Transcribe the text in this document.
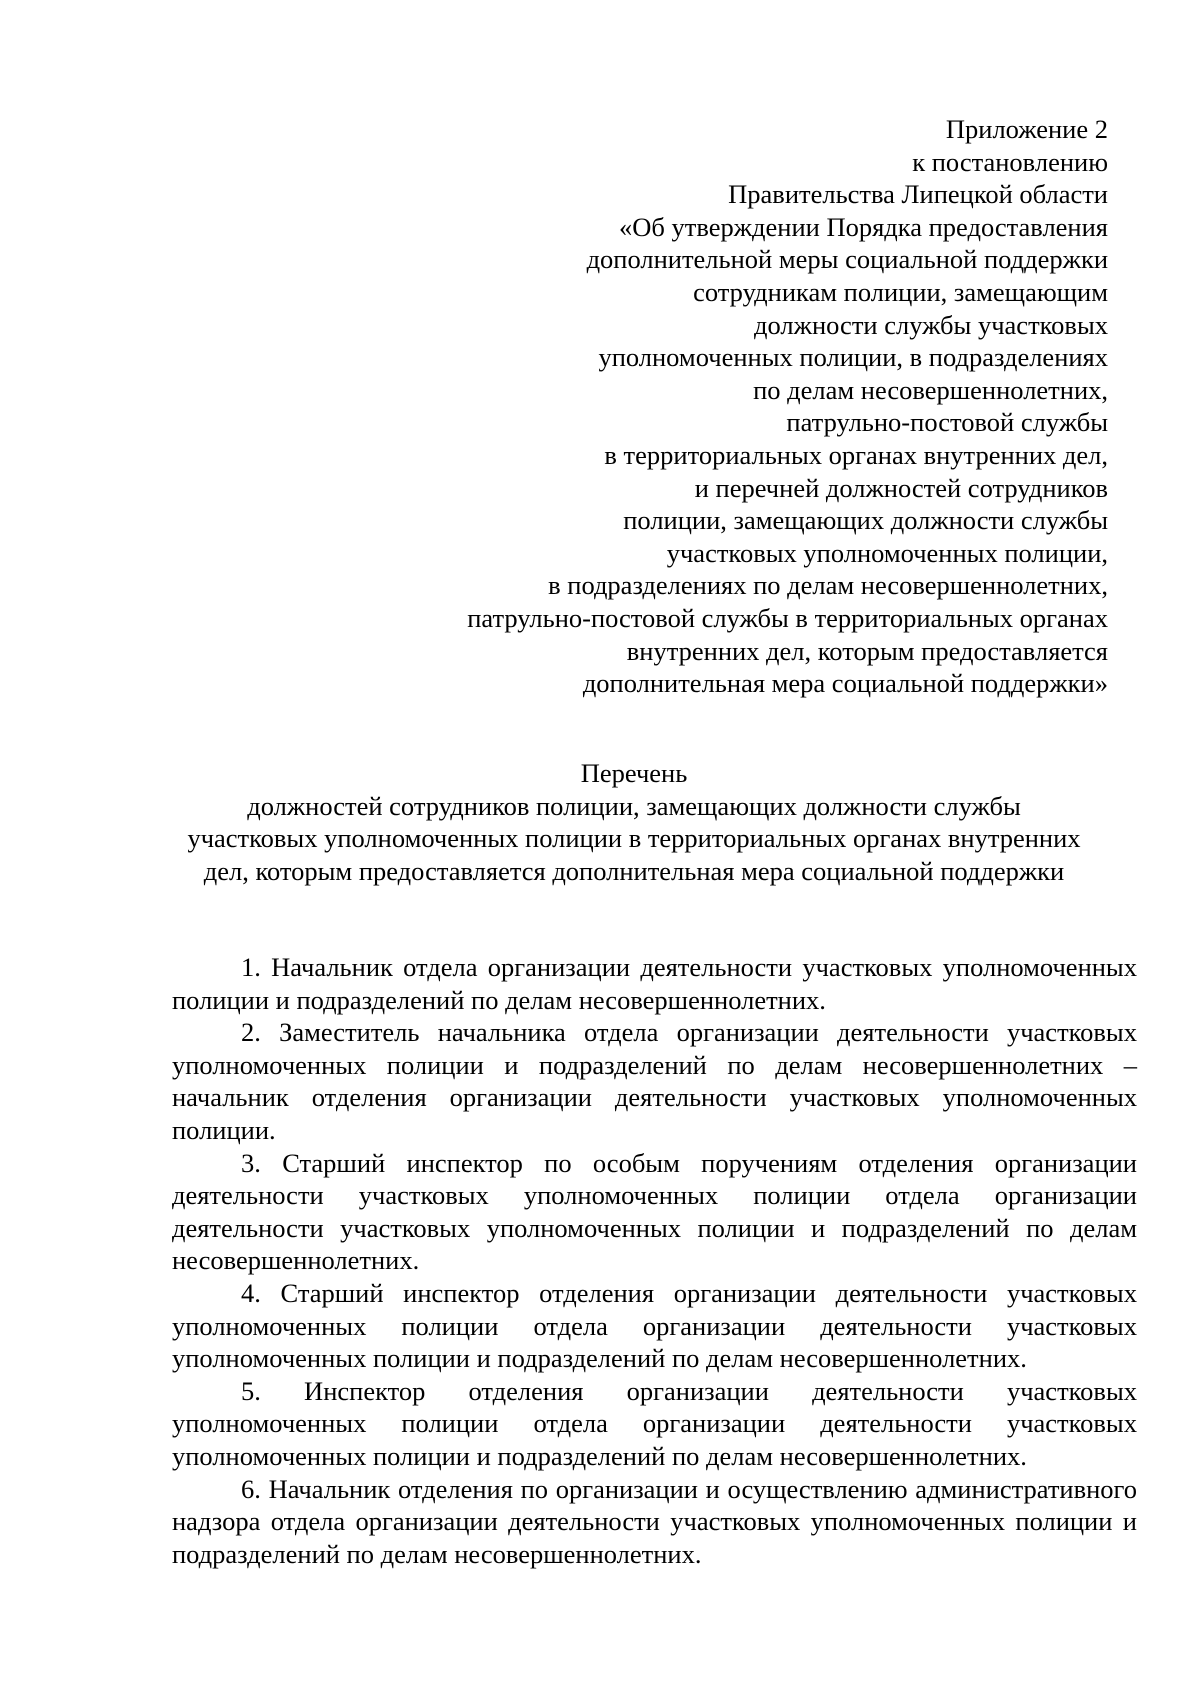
Приложение 2
к постановлению
Правительства Липецкой области
«Об утверждении Порядка предоставления
дополнительной меры социальной поддержки
сотрудникам полиции, замещающим
должности службы участковых
уполномоченных полиции, в подразделениях
по делам несовершеннолетних,
патрульно-постовой службы
в территориальных органах внутренних дел,
и перечней должностей сотрудников
полиции, замещающих должности службы
участковых уполномоченных полиции,
в подразделениях по делам несовершеннолетних,
патрульно-постовой службы в территориальных органах
внутренних дел, которым предоставляется
дополнительная мера социальной поддержки»
Перечень
должностей сотрудников полиции, замещающих должности службы
участковых уполномоченных полиции в территориальных органах внутренних
дел, которым предоставляется дополнительная мера социальной поддержки

1. Начальник отдела организации деятельности участковых уполномоченных полиции и подразделений по делам несовершеннолетних.

2. Заместитель начальника отдела организации деятельности участковых уполномоченных полиции и подразделений по делам несовершеннолетних – начальник отделения организации деятельности участковых уполномоченных полиции.

3. Старший инспектор по особым поручениям отделения организации деятельности участковых уполномоченных полиции отдела организации деятельности участковых уполномоченных полиции и подразделений по делам несовершеннолетних.

4. Старший инспектор отделения организации деятельности участковых уполномоченных полиции отдела организации деятельности участковых уполномоченных полиции и подразделений по делам несовершеннолетних.

5. Инспектор отделения организации деятельности участковых уполномоченных полиции отдела организации деятельности участковых уполномоченных полиции и подразделений по делам несовершеннолетних.

6. Начальник отделения по организации и осуществлению административного надзора отдела организации деятельности участковых уполномоченных полиции и подразделений по делам несовершеннолетних.
